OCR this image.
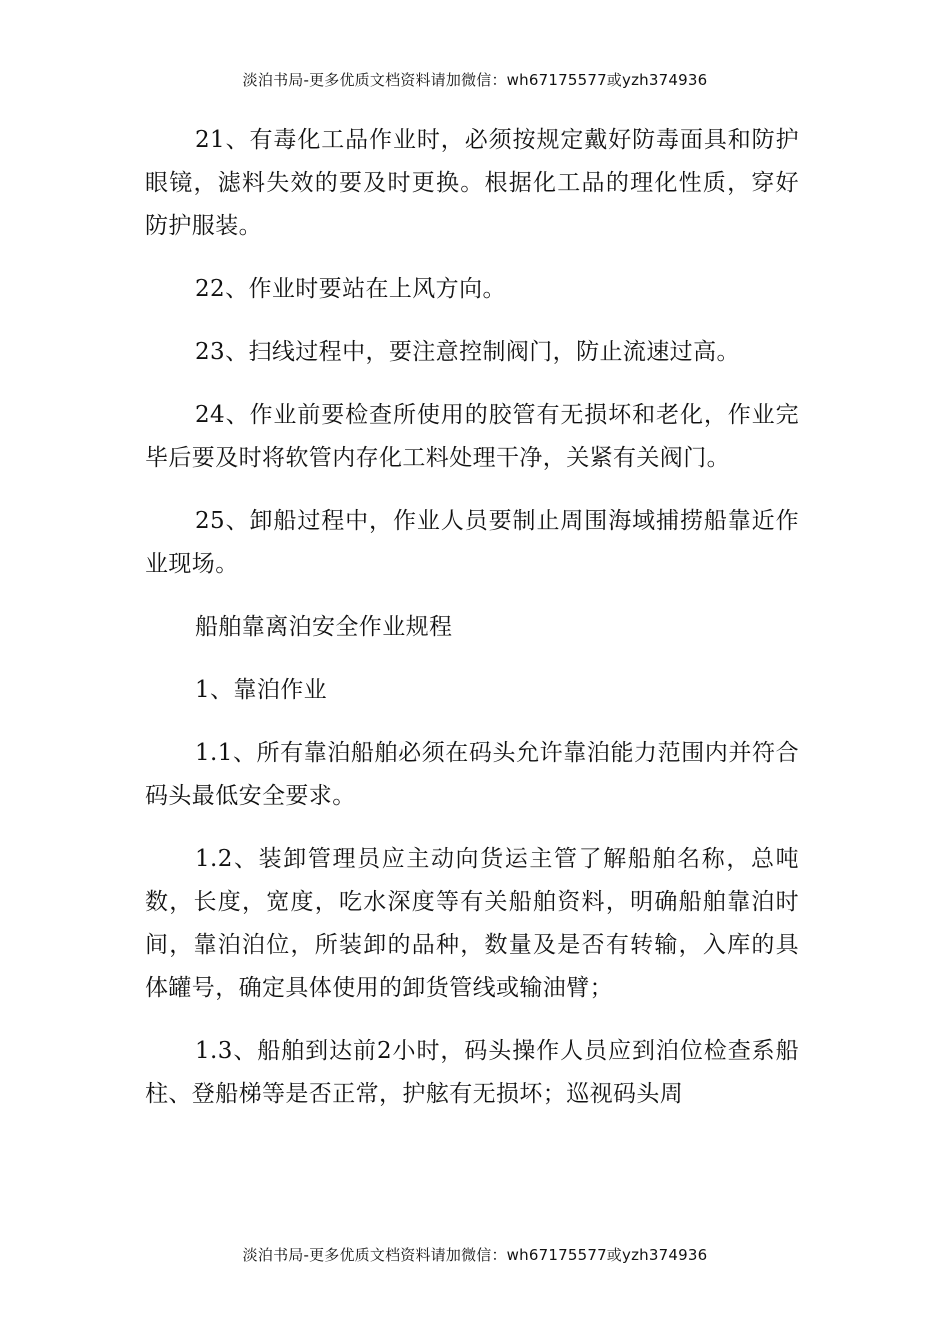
淡泊书局-更多优质文档资料请加微信：wh67175577或yzh374936

21、有毒化工品作业时，必须按规定戴好防毒面具和防护眼镜，滤料失效的要及时更换。根据化工品的理化性质，穿好防护服装。

22、作业时要站在上风方向。

23、扫线过程中，要注意控制阀门，防止流速过高。

24、作业前要检查所使用的胶管有无损坏和老化，作业完毕后要及时将软管内存化工料处理干净，关紧有关阀门。

25、卸船过程中，作业人员要制止周围海域捕捞船靠近作业现场。

船舶靠离泊安全作业规程

1、靠泊作业

1.1、所有靠泊船舶必须在码头允许靠泊能力范围内并符合码头最低安全要求。

1.2、装卸管理员应主动向货运主管了解船舶名称，总吨数，长度，宽度，吃水深度等有关船舶资料，明确船舶靠泊时间，靠泊泊位，所装卸的品种，数量及是否有转输，入库的具体罐号，确定具体使用的卸货管线或输油臂；

1.3、船舶到达前2小时，码头操作人员应到泊位检查系船柱、登船梯等是否正常，护舷有无损坏；巡视码头周

淡泊书局-更多优质文档资料请加微信：wh67175577或yzh374936
